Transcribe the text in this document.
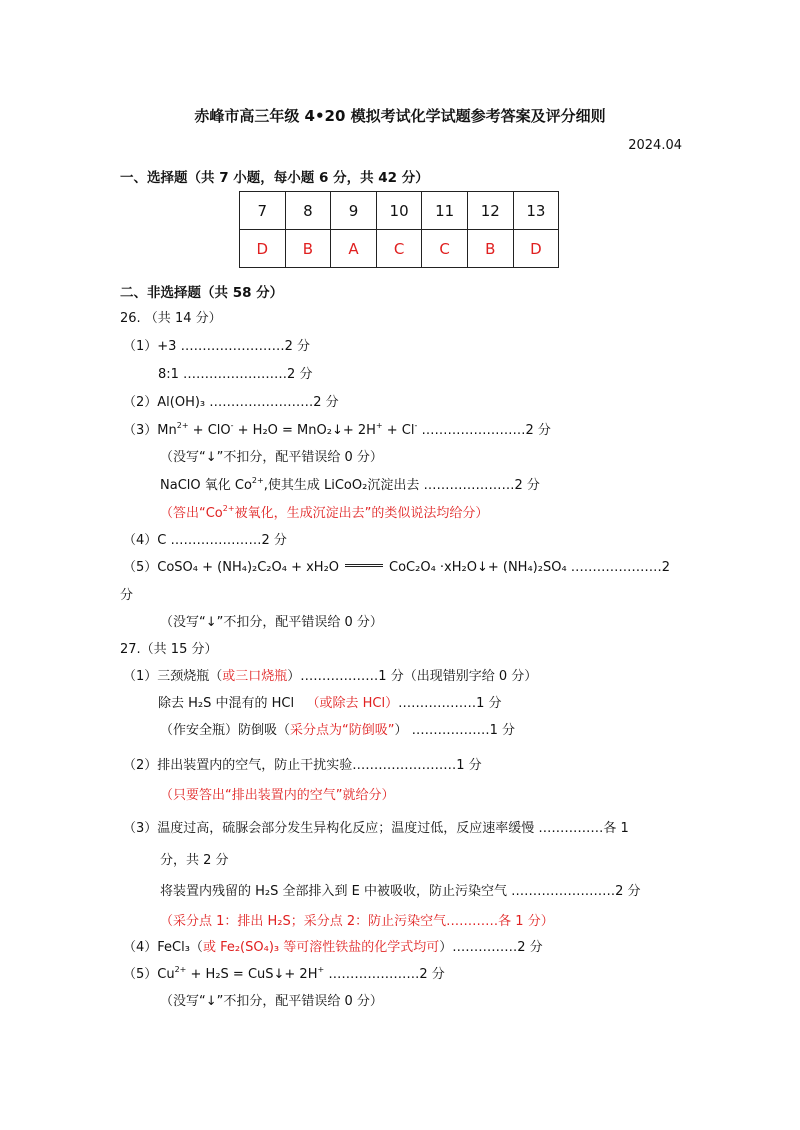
赤峰市高三年级 4•20 模拟考试化学试题参考答案及评分细则
2024.04
一、选择题（共 7 小题，每小题 6 分，共 42 分）
7	8	9	10	11	12	13
D	B	A	C	C	B	D
二、非选择题（共 58 分）
26. （共 14 分）
（1）+3 ……………………2 分
8:1 ……………………2 分
（2）Al(OH)₃ ……………………2 分
$(3)Mn^{2+} + ClO^- + H_2O$ = MnO₂↓+ 2H+ + Cl- ……………………2 分
（没写“↓”不扣分，配平错误给 0 分）
NaClO 氧化 $Co^{2+}$,使其生成 LiCoO₂沉淀出去 …………………2 分
（答出“$Co^{2+}$被氧化，生成沉淀出去”的类似说法均给分）
（4）C …………………2 分
（5）CoSO₄ + (NH₄)₂C₂O₄ + xH₂O	CoC₂O₄ ·xH₂O↓+ (NH₄)₂SO₄ …………………2
分
（没写“↓”不扣分，配平错误给 0 分）
27.（共 15 分）
（1）三颈烧瓶（或三口烧瓶）………………1 分（出现错别字给 0 分）
除去 H₂S 中混有的 HCl （或除去 HCl）………………1 分
（作安全瓶）防倒吸（采分点为“防倒吸”） ………………1 分
（2）排出装置内的空气，防止干扰实验……………………1 分
（只要答出“排出装置内的空气”就给分）
（3）温度过高，硫脲会部分发生异构化反应；温度过低，反应速率缓慢 ……………各 1
分，共 2 分
将装置内残留的 H₂S 全部排入到 E 中被吸收，防止污染空气 ……………………2 分
（采分点 1：排出 H₂S；采分点 2：防止污染空气…………各 1 分）
（4）FeCl₃（或 Fe₂(SO₄)₃ 等可溶性铁盐的化学式均可）……………2 分
$(5)Cu^{2+} + H_2S$ = CuS↓+ 2H+ …………………2 分
（没写“↓”不扣分，配平错误给 0 分）
